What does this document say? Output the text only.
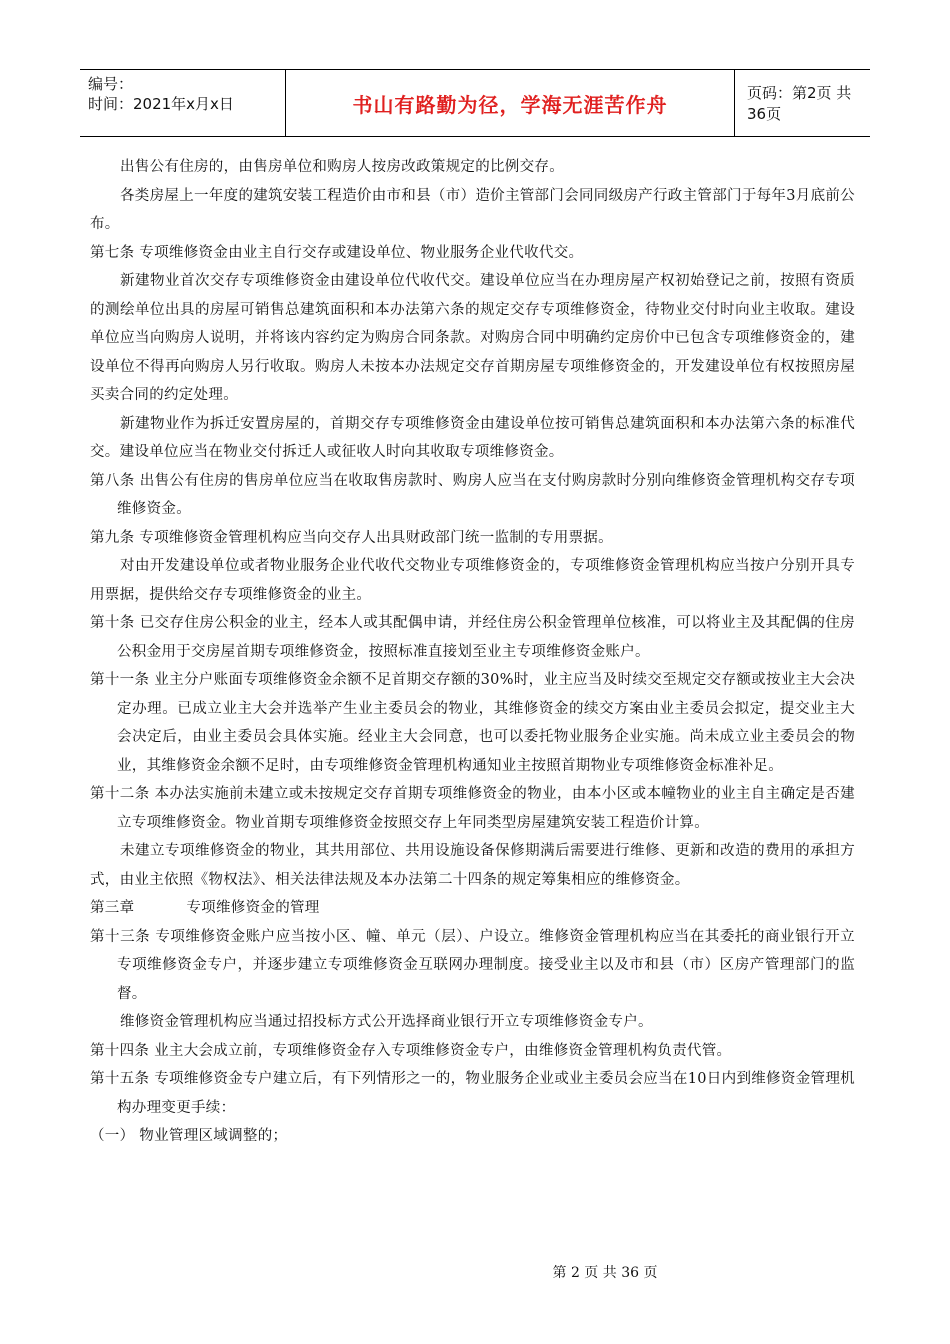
编号：
时间：2021年x月x日	书山有路勤为径，学海无涯苦作舟	页码：第2页 共36页

出售公有住房的，由售房单位和购房人按房改政策规定的比例交存。

各类房屋上一年度的建筑安装工程造价由市和县（市）造价主管部门会同同级房产行政主管部门于每年3月底前公布。

第七条 专项维修资金由业主自行交存或建设单位、物业服务企业代收代交。

新建物业首次交存专项维修资金由建设单位代收代交。建设单位应当在办理房屋产权初始登记之前，按照有资质的测绘单位出具的房屋可销售总建筑面积和本办法第六条的规定交存专项维修资金，待物业交付时向业主收取。建设单位应当向购房人说明，并将该内容约定为购房合同条款。对购房合同中明确约定房价中已包含专项维修资金的，建设单位不得再向购房人另行收取。购房人未按本办法规定交存首期房屋专项维修资金的，开发建设单位有权按照房屋买卖合同的约定处理。

新建物业作为拆迁安置房屋的，首期交存专项维修资金由建设单位按可销售总建筑面积和本办法第六条的标准代交。建设单位应当在物业交付拆迁人或征收人时向其收取专项维修资金。

第八条 出售公有住房的售房单位应当在收取售房款时、购房人应当在支付购房款时分别向维修资金管理机构交存专项维修资金。

第九条 专项维修资金管理机构应当向交存人出具财政部门统一监制的专用票据。

对由开发建设单位或者物业服务企业代收代交物业专项维修资金的，专项维修资金管理机构应当按户分别开具专用票据，提供给交存专项维修资金的业主。

第十条 已交存住房公积金的业主，经本人或其配偶申请，并经住房公积金管理单位核准，可以将业主及其配偶的住房公积金用于交房屋首期专项维修资金，按照标准直接划至业主专项维修资金账户。

第十一条 业主分户账面专项维修资金余额不足首期交存额的30%时，业主应当及时续交至规定交存额或按业主大会决定办理。已成立业主大会并选举产生业主委员会的物业，其维修资金的续交方案由业主委员会拟定，提交业主大会决定后，由业主委员会具体实施。经业主大会同意，也可以委托物业服务企业实施。尚未成立业主委员会的物业，其维修资金余额不足时，由专项维修资金管理机构通知业主按照首期物业专项维修资金标准补足。

第十二条 本办法实施前未建立或未按规定交存首期专项维修资金的物业，由本小区或本幢物业的业主自主确定是否建立专项维修资金。物业首期专项维修资金按照交存上年同类型房屋建筑安装工程造价计算。

未建立专项维修资金的物业，其共用部位、共用设施设备保修期满后需要进行维修、更新和改造的费用的承担方式，由业主依照《物权法》、相关法律法规及本办法第二十四条的规定筹集相应的维修资金。

第三章	专项维修资金的管理

第十三条 专项维修资金账户应当按小区、幢、单元（层）、户设立。维修资金管理机构应当在其委托的商业银行开立专项维修资金专户，并逐步建立专项维修资金互联网办理制度。接受业主以及市和县（市）区房产管理部门的监督。

维修资金管理机构应当通过招投标方式公开选择商业银行开立专项维修资金专户。

第十四条 业主大会成立前，专项维修资金存入专项维修资金专户，由维修资金管理机构负责代管。

第十五条 专项维修资金专户建立后，有下列情形之一的，物业服务企业或业主委员会应当在10日内到维修资金管理机构办理变更手续：

（一） 物业管理区域调整的；

第 2 页 共 36 页
